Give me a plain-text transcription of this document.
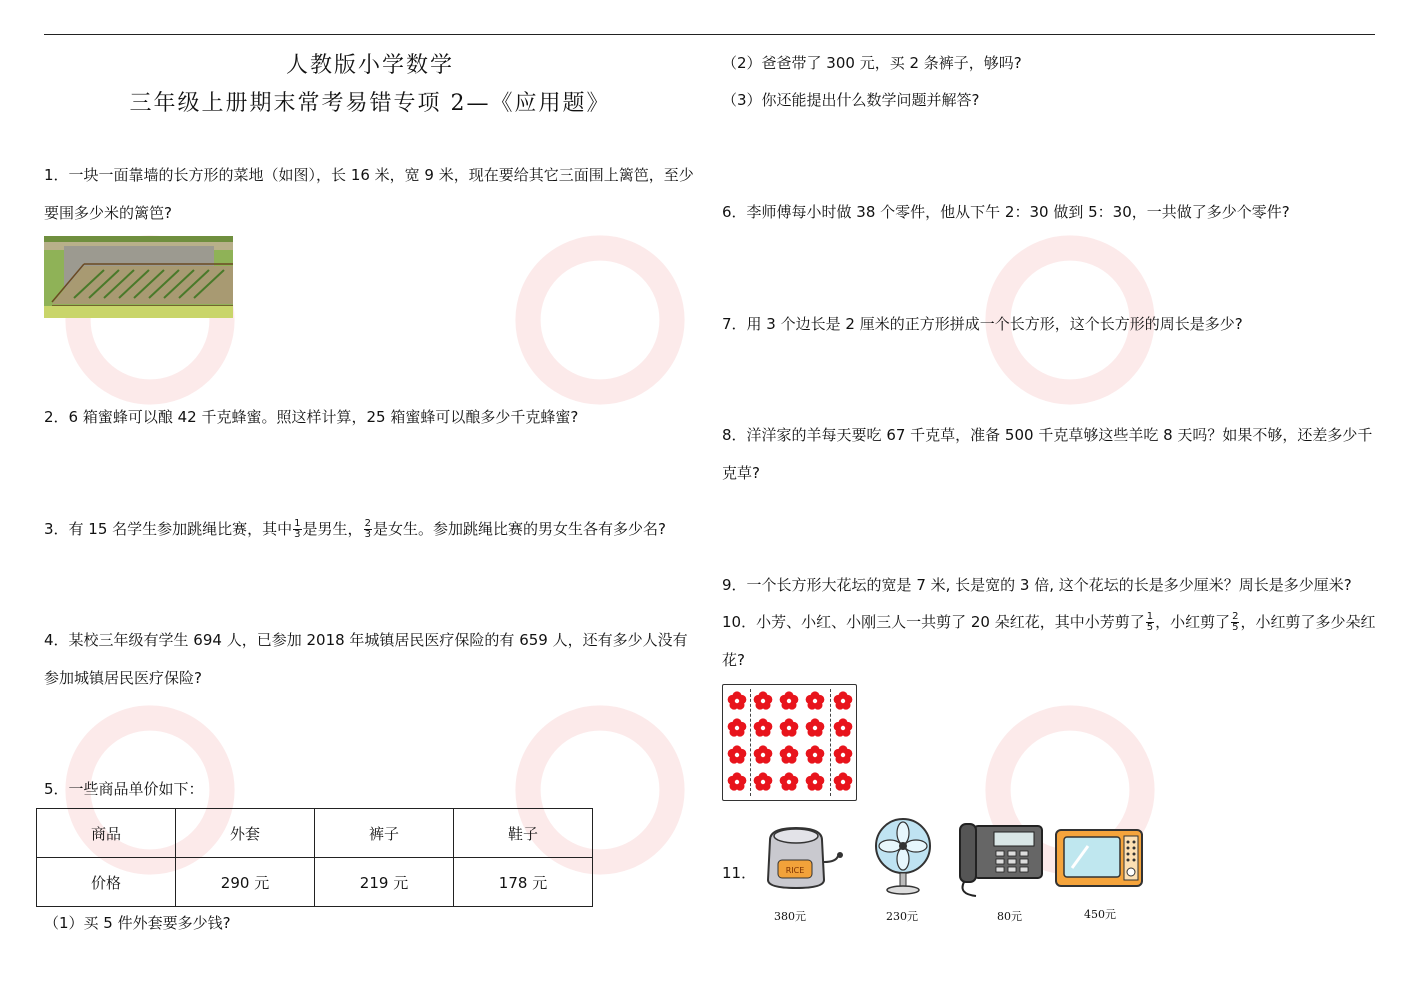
人教版小学数学
三年级上册期末常考易错专项 2—《应用题》
1．一块一面靠墙的长方形的菜地（如图），长 16 米，宽 9 米，现在要给其它三面围上篱笆，至少要围多少米的篱笆?
2．6 箱蜜蜂可以酿 42 千克蜂蜜。照这样计算，25 箱蜜蜂可以酿多少千克蜂蜜?
3．有 15 名学生参加跳绳比赛，其中 $\frac{1}{3}$ 是男生， $\frac{2}{3}$ 是女生。参加跳绳比赛的男女生各有多少名?
4．某校三年级有学生 694 人，已参加 2018 年城镇居民医疗保险的有 659 人，还有多少人没有参加城镇居民医疗保险?
5．一些商品单价如下：
商品	外套	裤子	鞋子
价格	290 元	219 元	178 元
（1）买 5 件外套要多少钱?
（2）爸爸带了 300 元，买 2 条裤子，够吗?
（3）你还能提出什么数学问题并解答?
6．李师傅每小时做 38 个零件，他从下午 2：30 做到 5：30，一共做了多少个零件?
7．用 3 个边长是 2 厘米的正方形拼成一个长方形，这个长方形的周长是多少?
8．洋洋家的羊每天要吃 67 千克草，准备 500 千克草够这些羊吃 8 天吗？如果不够，还差多少千克草?
9．一个长方形大花坛的宽是 7 米, 长是宽的 3 倍, 这个花坛的长是多少厘米？周长是多少厘米?
10．小芳、小红、小刚三人一共剪了 20 朵红花，其中小芳剪了 $\frac{1}{5}$ ，小红剪了 $\frac{2}{5}$ ，小红剪了多少朵红花?
11．	RICE
380元	230元	80元	450元
